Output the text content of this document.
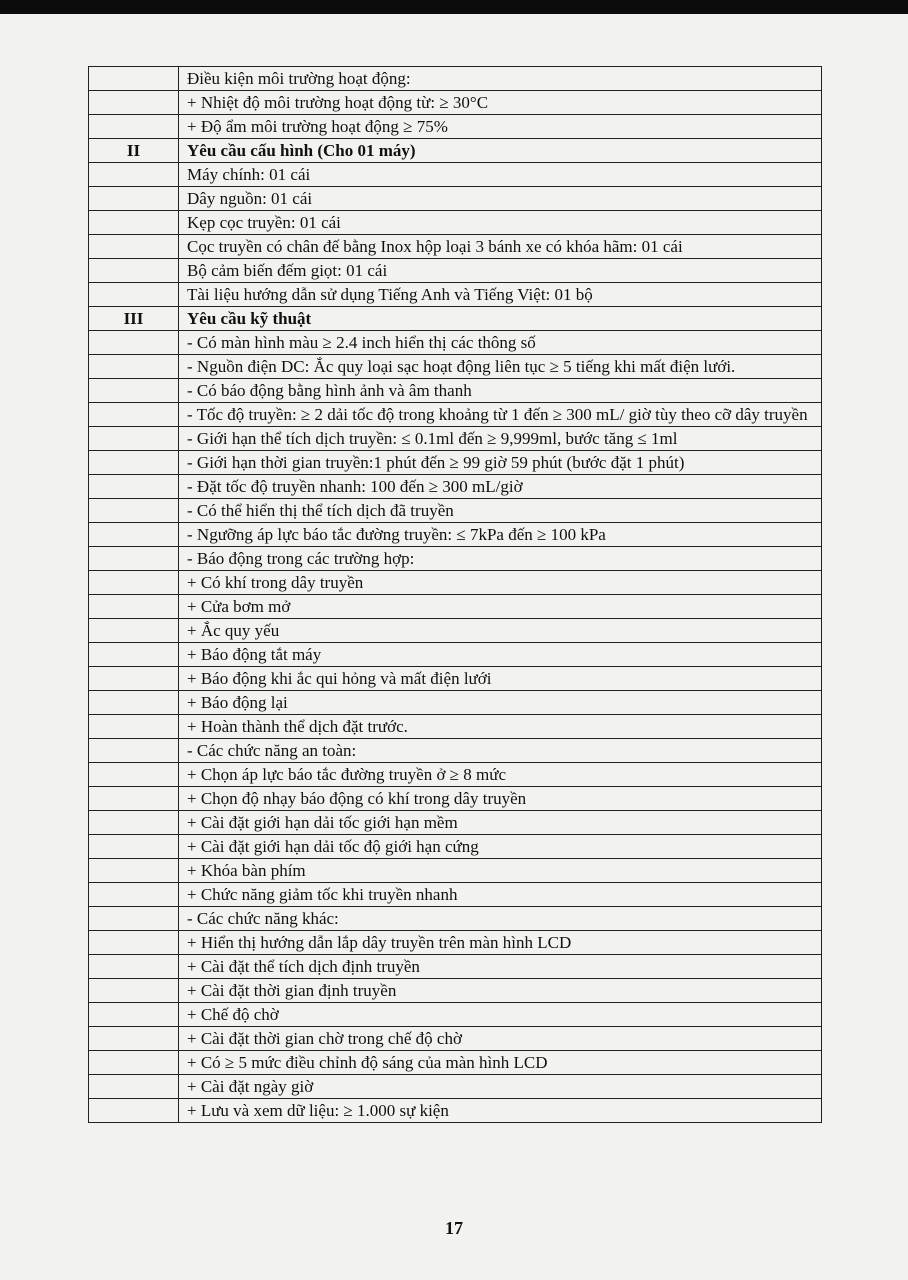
Điều kiện môi trường hoạt động:
+ Nhiệt độ môi trường hoạt động từ: ≥ 30°C
+ Độ ẩm môi trường hoạt động ≥ 75%
II	Yêu cầu cấu hình (Cho 01 máy)
Máy chính: 01 cái
Dây nguồn: 01 cái
Kẹp cọc truyền: 01 cái
Cọc truyền có chân đế bằng Inox hộp loại 3 bánh xe có khóa hãm: 01 cái
Bộ cảm biến đếm giọt: 01 cái
Tài liệu hướng dẫn sử dụng Tiếng Anh và Tiếng Việt: 01 bộ
III	Yêu cầu kỹ thuật
- Có màn hình màu ≥ 2.4 inch hiển thị các thông số
- Nguồn điện DC: Ắc quy loại sạc hoạt động liên tục ≥ 5 tiếng khi mất điện lưới.
- Có báo động bằng hình ảnh và âm thanh
- Tốc độ truyền: ≥ 2 dải tốc độ trong khoảng từ 1 đến ≥ 300 mL/ giờ tùy theo cỡ dây truyền
- Giới hạn thể tích dịch truyền: ≤ 0.1ml đến ≥ 9,999ml, bước tăng ≤ 1ml
- Giới hạn thời gian truyền:1 phút đến ≥ 99 giờ 59 phút (bước đặt 1 phút)
- Đặt tốc độ truyền nhanh: 100 đến ≥ 300 mL/giờ
- Có thể hiển thị thể tích dịch đã truyền
- Ngưỡng áp lực báo tắc đường truyền: ≤ 7kPa đến ≥ 100 kPa
- Báo động trong các trường hợp:
+ Có khí trong dây truyền
+ Cửa bơm mở
+ Ắc quy yếu
+ Báo động tắt máy
+ Báo động khi ắc qui hỏng và mất điện lưới
+ Báo động lại
+ Hoàn thành thể dịch đặt trước.
- Các chức năng an toàn:
+ Chọn áp lực báo tắc đường truyền ở ≥ 8 mức
+ Chọn độ nhạy báo động có khí trong dây truyền
+ Cài đặt giới hạn dải tốc giới hạn mềm
+ Cài đặt giới hạn dải tốc độ giới hạn cứng
+ Khóa bàn phím
+ Chức năng giảm tốc khi truyền nhanh
- Các chức năng khác:
+ Hiển thị hướng dẫn lắp dây truyền trên màn hình LCD
+ Cài đặt thể tích dịch định truyền
+ Cài đặt thời gian định truyền
+ Chế độ chờ
+ Cài đặt thời gian chờ trong chế độ chờ
+ Có ≥ 5 mức điều chỉnh độ sáng của màn hình LCD
+ Cài đặt ngày giờ
+ Lưu và xem dữ liệu: ≥ 1.000 sự kiện
17
